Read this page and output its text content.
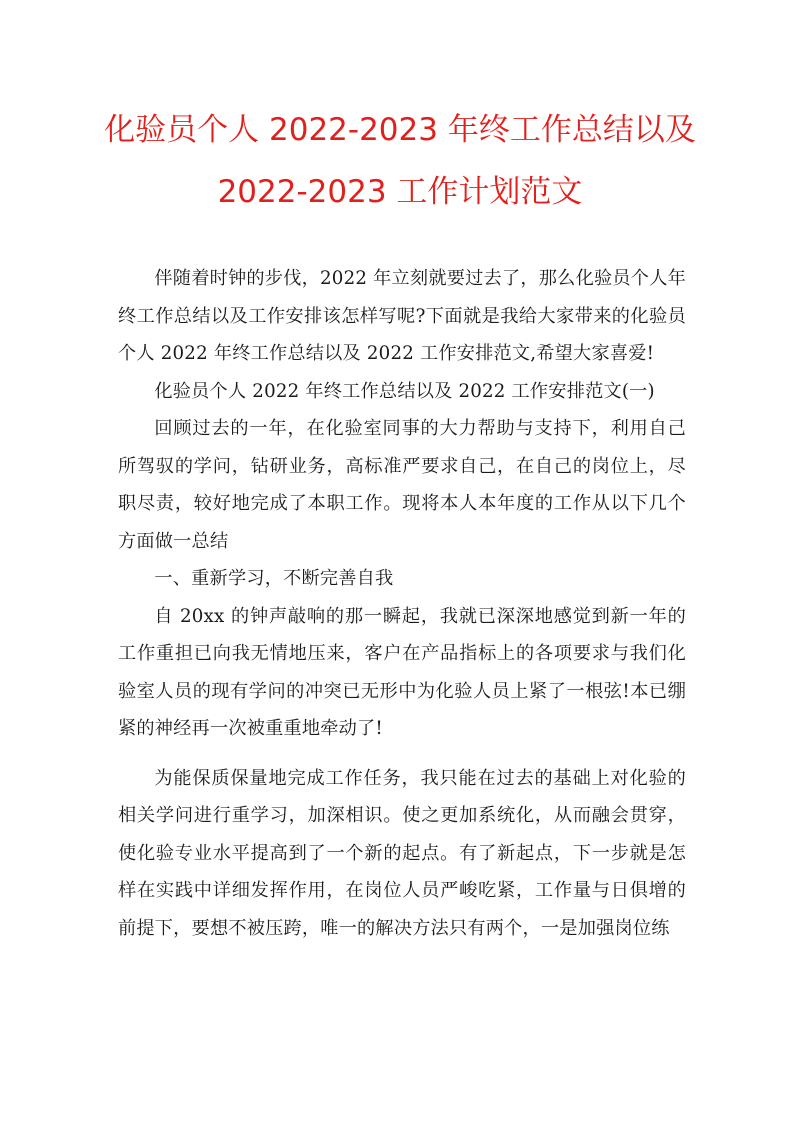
化验员个人 2022-2023 年终工作总结以及
2022-2023 工作计划范文

伴随着时钟的步伐，2022 年立刻就要过去了，那么化验员个人年终工作总结以及工作安排该怎样写呢?下面就是我给大家带来的化验员个人 2022 年终工作总结以及 2022 工作安排范文,希望大家喜爱!

化验员个人 2022 年终工作总结以及 2022 工作安排范文(一)

回顾过去的一年，在化验室同事的大力帮助与支持下，利用自己所驾驭的学问，钻研业务，高标准严要求自己，在自己的岗位上，尽职尽责，较好地完成了本职工作。现将本人本年度的工作从以下几个方面做一总结

一、重新学习，不断完善自我

自 20xx 的钟声敲响的那一瞬起，我就已深深地感觉到新一年的工作重担已向我无情地压来，客户在产品指标上的各项要求与我们化验室人员的现有学问的冲突已无形中为化验人员上紧了一根弦!本已绷紧的神经再一次被重重地牵动了!

为能保质保量地完成工作任务，我只能在过去的基础上对化验的相关学问进行重学习，加深相识。使之更加系统化，从而融会贯穿，使化验专业水平提高到了一个新的起点。有了新起点，下一步就是怎样在实践中详细发挥作用，在岗位人员严峻吃紧，工作量与日俱增的前提下，要想不被压跨，唯一的解决方法只有两个，一是加强岗位练
